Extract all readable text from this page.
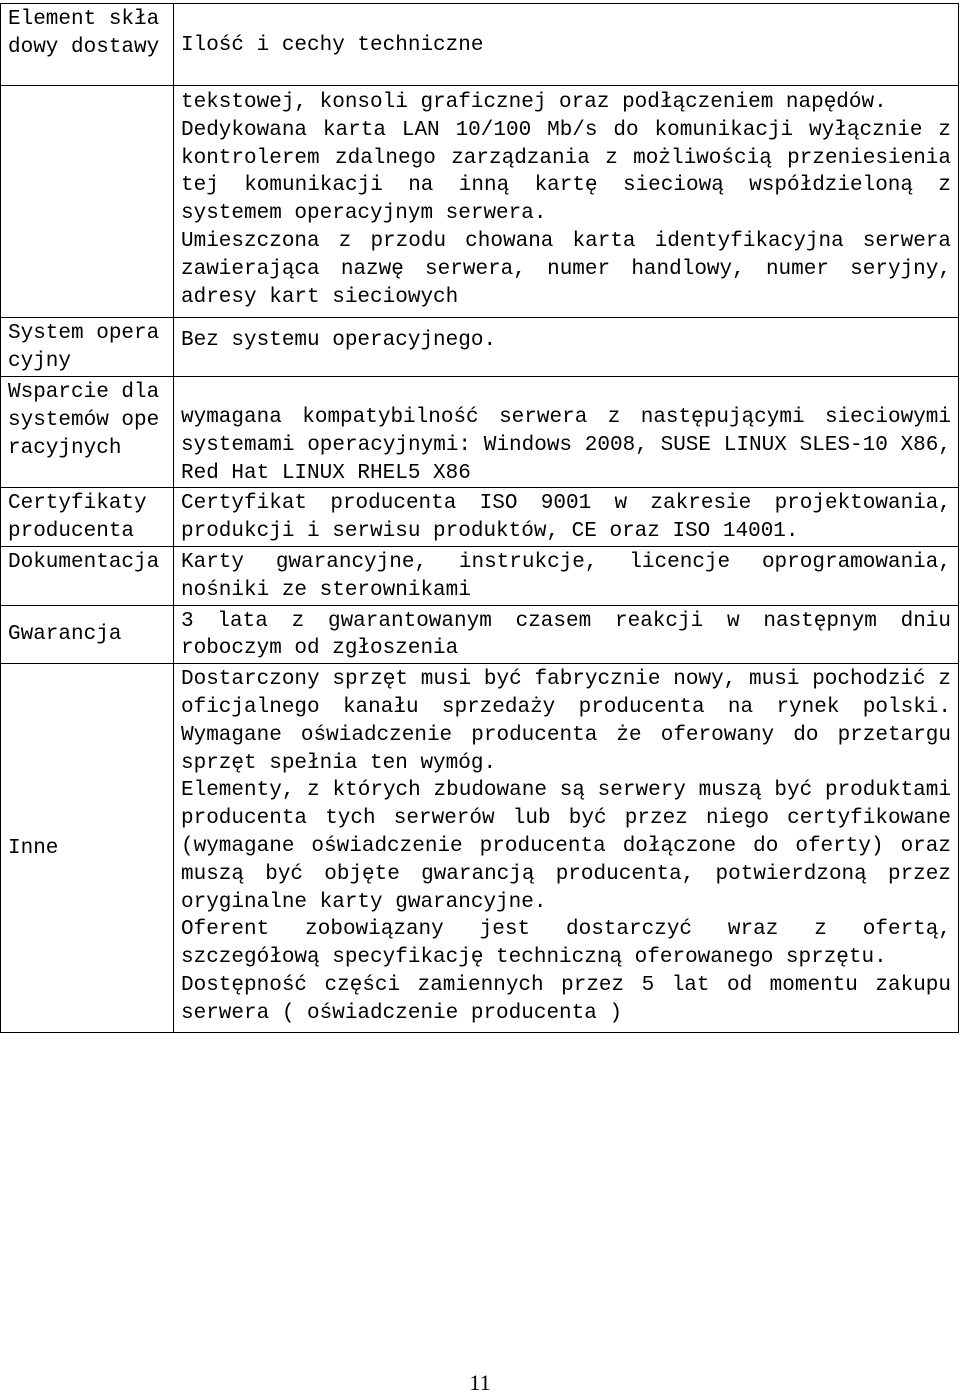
Element składowy dostawy	Ilość i cechy techniczne

	tekstowej, konsoli graficznej oraz podłączeniem napędów.

Dedykowana karta LAN 10/100 Mb/s do komunikacji wyłącznie z kontrolerem zdalnego zarządzania z możliwością przeniesienia tej komunikacji na inną kartę sieciową współdzieloną z systemem operacyjnym serwera.

Umieszczona z przodu chowana karta identyfikacyjna serwera zawierająca nazwę serwera, numer handlowy, numer seryjny, adresy kart sieciowych

System operacyjny	Bez systemu operacyjnego.

Wsparcie dla systemów operacyjnych	wymagana kompatybilność serwera z następującymi sieciowymi systemami operacyjnymi: Windows 2008, SUSE LINUX SLES-10 X86, Red Hat LINUX RHEL5 X86

Certyfikaty producenta	Certyfikat producenta ISO 9001 w zakresie projektowania, produkcji i serwisu produktów, CE oraz ISO 14001.

Dokumentacja	Karty gwarancyjne, instrukcje, licencje oprogramowania, nośniki ze sterownikami

Gwarancja	3 lata z gwarantowanym czasem reakcji w następnym dniu roboczym od zgłoszenia

Inne	Dostarczony sprzęt musi być fabrycznie nowy, musi pochodzić z oficjalnego kanału sprzedaży producenta na rynek polski. Wymagane oświadczenie producenta że oferowany do przetargu sprzęt spełnia ten wymóg.

Elementy, z których zbudowane są serwery muszą być produktami producenta tych serwerów lub być przez niego certyfikowane (wymagane oświadczenie producenta dołączone do oferty) oraz muszą być objęte gwarancją producenta, potwierdzoną przez oryginalne karty gwarancyjne.

Oferent zobowiązany jest dostarczyć wraz z ofertą, szczegółową specyfikację techniczną oferowanego sprzętu.

Dostępność części zamiennych przez 5 lat od momentu zakupu serwera ( oświadczenie producenta )

11
